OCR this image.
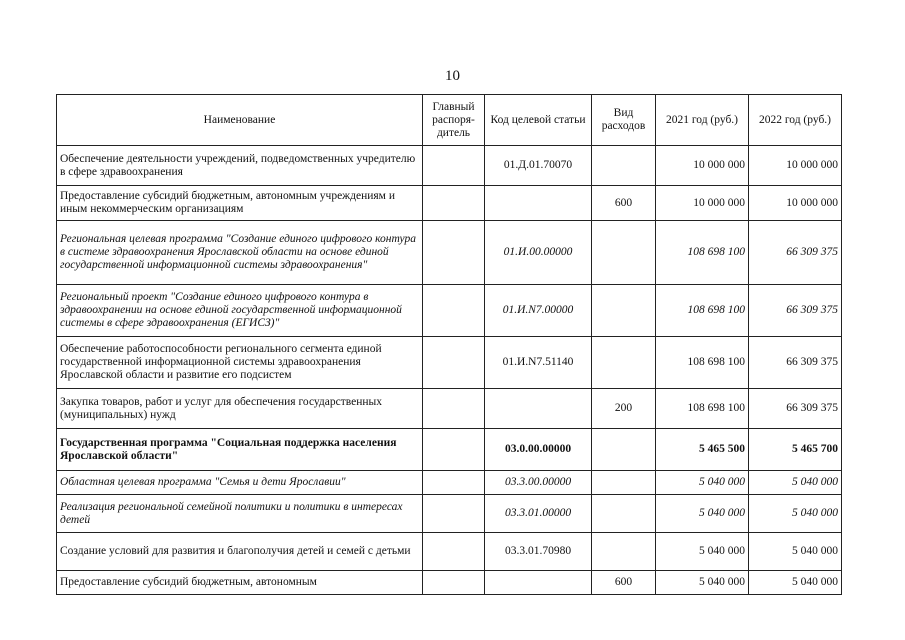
10
Наименование	Главный распоря-дитель	Код целевой статьи	Вид расходов	2021 год (руб.)	2022 год (руб.)
Обеспечение деятельности учреждений, подведомственных учредителю в сфере здравоохранения		01.Д.01.70070		10 000 000	10 000 000
Предоставление субсидий бюджетным, автономным учреждениям и иным некоммерческим организациям			600	10 000 000	10 000 000
Региональная целевая программа "Создание единого цифрового контура в системе здравоохранения Ярославской области на основе единой государственной информационной системы здравоохранения"		01.И.00.00000		108 698 100	66 309 375
Региональный проект "Создание единого цифрового контура в здравоохранении на основе единой государственной информационной системы в сфере здравоохранения (ЕГИСЗ)"		01.И.N7.00000		108 698 100	66 309 375
Обеспечение работоспособности регионального сегмента единой государственной информационной системы здравоохранения Ярославской области и развитие его подсистем		01.И.N7.51140		108 698 100	66 309 375
Закупка товаров, работ и услуг для обеспечения государственных (муниципальных) нужд			200	108 698 100	66 309 375
Государственная программа "Социальная поддержка населения Ярославской области"		03.0.00.00000		5 465 500	5 465 700
Областная целевая программа "Семья и дети Ярославии"		03.3.00.00000		5 040 000	5 040 000
Реализация региональной семейной политики и политики в интересах детей		03.3.01.00000		5 040 000	5 040 000
Создание условий для развития и благополучия детей и семей с детьми		03.3.01.70980		5 040 000	5 040 000
Предоставление субсидий бюджетным, автономным			600	5 040 000	5 040 000
